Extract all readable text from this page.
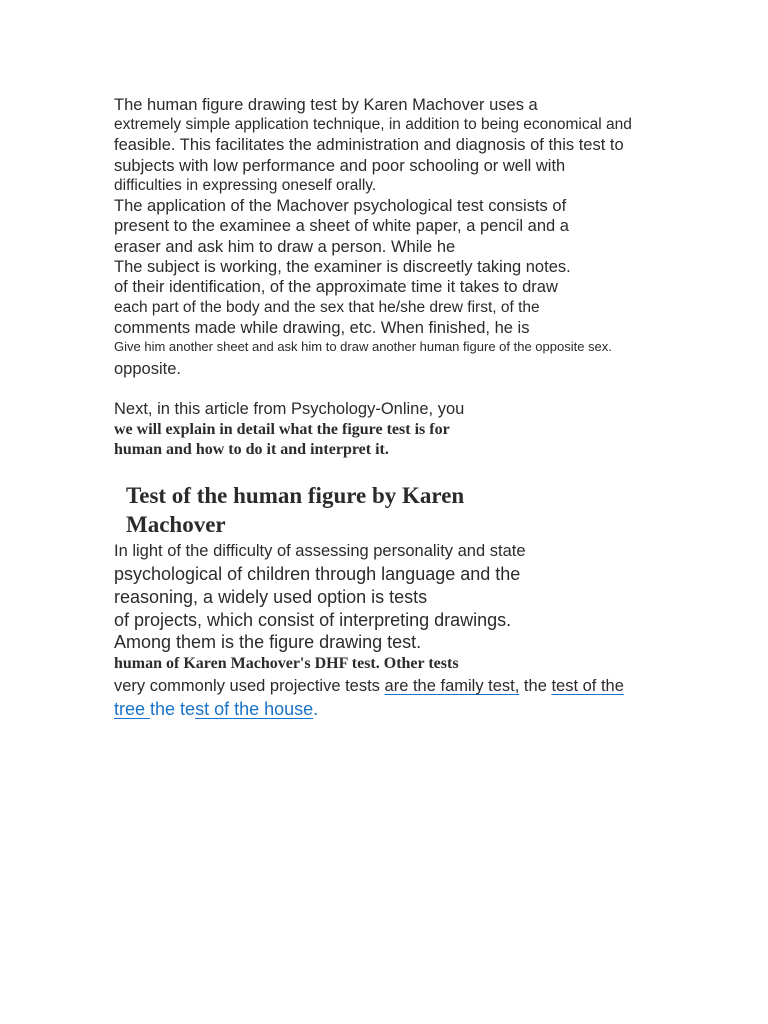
The human figure drawing test by Karen Machover uses a
extremely simple application technique, in addition to being economical and
feasible. This facilitates the administration and diagnosis of this test to
subjects with low performance and poor schooling or well with
difficulties in expressing oneself orally.
The application of the Machover psychological test consists of
present to the examinee a sheet of white paper, a pencil and a
eraser and ask him to draw a person. While he
The subject is working, the examiner is discreetly taking notes.
of their identification, of the approximate time it takes to draw
each part of the body and the sex that he/she drew first, of the
comments made while drawing, etc. When finished, he is
Give him another sheet and ask him to draw another human figure of the opposite sex.
opposite.
Next, in this article from Psychology-Online, you
we will explain in detail what the figure test is for
human and how to do it and interpret it.
Test of the human figure by Karen
Machover
In light of the difficulty of assessing personality and state
psychological of children through language and the
reasoning, a widely used option is tests
of projects, which consist of interpreting drawings.
Among them is the figure drawing test.
human of Karen Machover's DHF test. Other tests
very commonly used projective tests are the family test, the test of the
tree the test of the house.
